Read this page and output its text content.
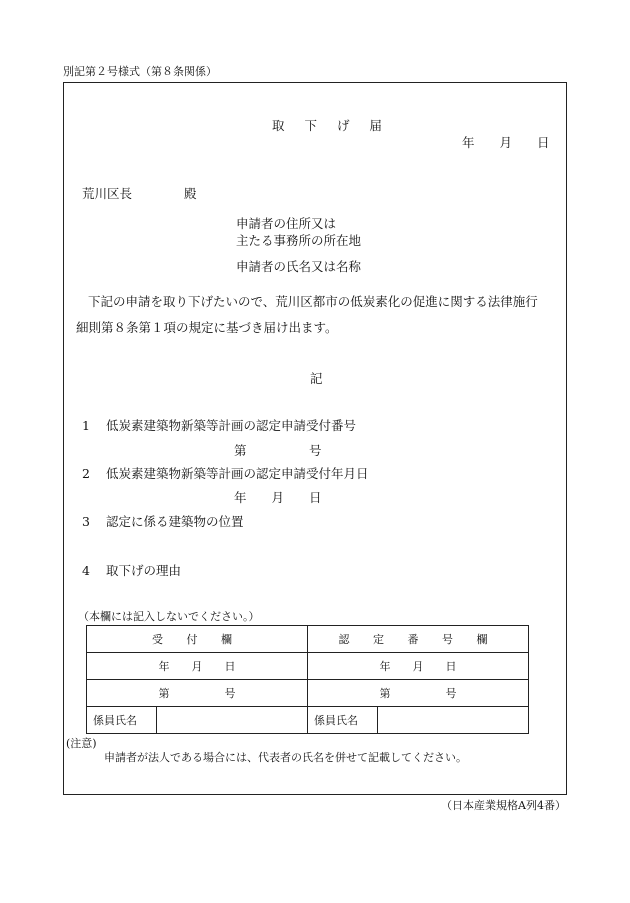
別記第２号様式（第８条関係）
取 下 げ 届
年　　月　　日
荒川区長	殿
申請者の住所又は
主たる事務所の所在地
申請者の氏名又は名称
下記の申請を取り下げたいので、荒川区都市の低炭素化の促進に関する法律施行
細則第８条第１項の規定に基づき届け出ます。
記
1 低炭素建築物新築等計画の認定申請受付番号
第　　　　　号
2 低炭素建築物新築等計画の認定申請受付年月日
年　　月　　日
3 認定に係る建築物の位置
4 取下げの理由
（本欄には記入しないでください。）
受 付 欄		認 定 番 号 欄	
年　　月　　日		年　　月　　日	
第　　　　　号		第　　　　　号	
係員氏名		係員氏名	
(注意)
申請者が法人である場合には、代表者の氏名を併せて記載してください。
（日本産業規格A列4番）
